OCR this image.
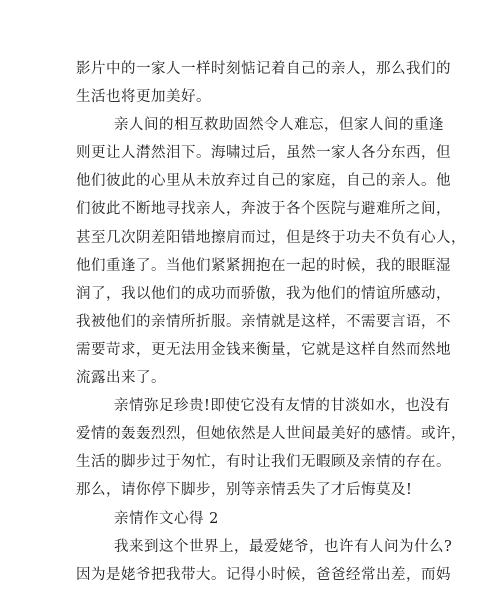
影片中的一家人一样时刻惦记着自己的亲人，那么我们的
生活也将更加美好。
亲人间的相互救助固然令人难忘，但家人间的重逢
则更让人潸然泪下。海啸过后，虽然一家人各分东西，但
他们彼此的心里从未放弃过自己的家庭，自己的亲人。他
们彼此不断地寻找亲人，奔波于各个医院与避难所之间，
甚至几次阴差阳错地擦肩而过，但是终于功夫不负有心人，
他们重逢了。当他们紧紧拥抱在一起的时候，我的眼眶湿
润了，我以他们的成功而骄傲，我为他们的情谊所感动，
我被他们的亲情所折服。亲情就是这样，不需要言语，不
需要苛求，更无法用金钱来衡量，它就是这样自然而然地
流露出来了。
亲情弥足珍贵!即使它没有友情的甘淡如水，也没有
爱情的轰轰烈烈，但她依然是人世间最美好的感情。或许，
生活的脚步过于匆忙，有时让我们无暇顾及亲情的存在。
那么，请你停下脚步，别等亲情丢失了才后悔莫及!
亲情作文心得 2
我来到这个世界上，最爱姥爷，也许有人问为什么?
因为是姥爷把我带大。记得小时候，爸爸经常出差，而妈
